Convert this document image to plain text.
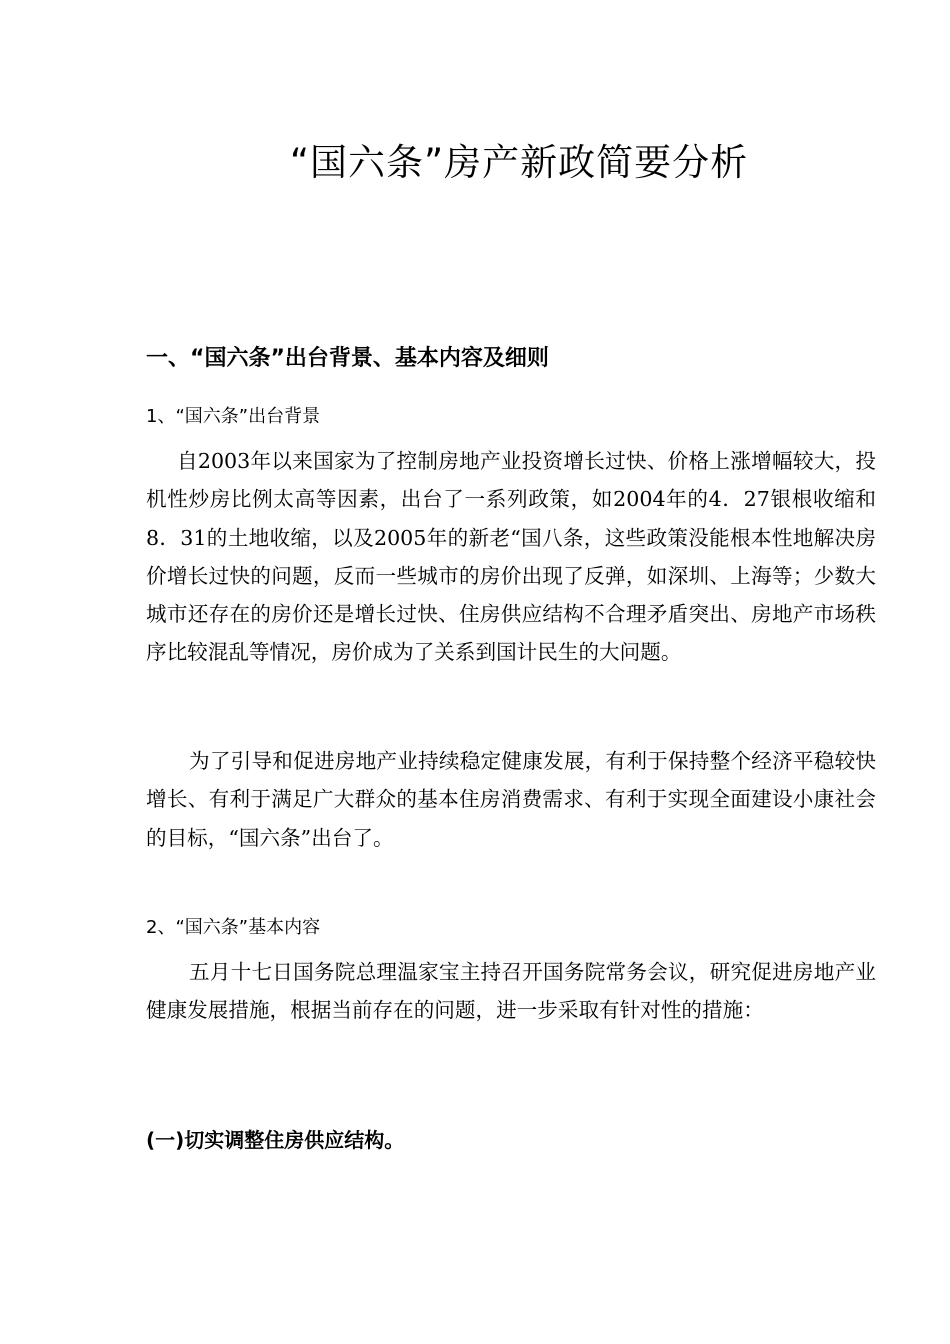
“国六条”房产新政简要分析
一、“国六条”出台背景、基本内容及细则
1、“国六条”出台背景

自2003年以来国家为了控制房地产业投资增长过快、价格上涨增幅较大，投机性炒房比例太高等因素，出台了一系列政策，如2004年的4．27银根收缩和8．31的土地收缩，以及2005年的新老“国八条，这些政策没能根本性地解决房价增长过快的问题，反而一些城市的房价出现了反弹，如深圳、上海等；少数大城市还存在的房价还是增长过快、住房供应结构不合理矛盾突出、房地产市场秩序比较混乱等情况，房价成为了关系到国计民生的大问题。

为了引导和促进房地产业持续稳定健康发展，有利于保持整个经济平稳较快增长、有利于满足广大群众的基本住房消费需求、有利于实现全面建设小康社会的目标，“国六条”出台了。

2、“国六条”基本内容

五月十七日国务院总理温家宝主持召开国务院常务会议，研究促进房地产业健康发展措施，根据当前存在的问题，进一步采取有针对性的措施：

(一)切实调整住房供应结构。
